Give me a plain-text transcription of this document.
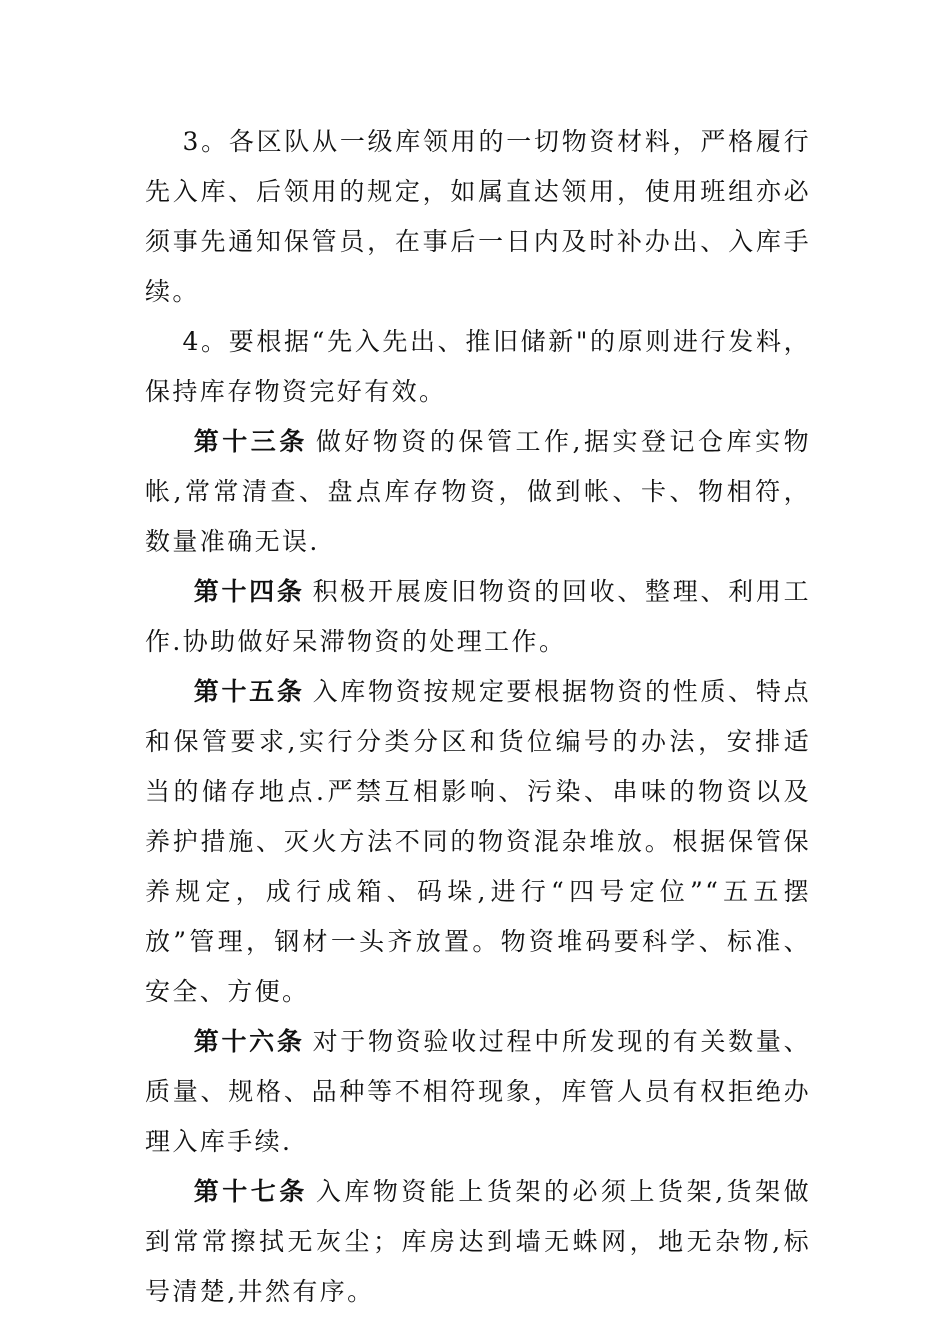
3。各区队从一级库领用的一切物资材料，严格履行先入库、后领用的规定，如属直达领用，使用班组亦必须事先通知保管员，在事后一日内及时补办出、入库手续。

4。要根据“先入先出、推旧储新"的原则进行发料，保持库存物资完好有效。

第十三条 做好物资的保管工作,据实登记仓库实物帐,常常清查、盘点库存物资，做到帐、卡、物相符，数量准确无误.

第十四条 积极开展废旧物资的回收、整理、利用工作.协助做好呆滞物资的处理工作。

第十五条 入库物资按规定要根据物资的性质、特点和保管要求,实行分类分区和货位编号的办法，安排适当的储存地点.严禁互相影响、污染、串味的物资以及养护措施、灭火方法不同的物资混杂堆放。根据保管保养规定，成行成箱、码垛,进行“四号定位”“五五摆放”管理，钢材一头齐放置。物资堆码要科学、标准、安全、方便。

第十六条 对于物资验收过程中所发现的有关数量、质量、规格、品种等不相符现象，库管人员有权拒绝办理入库手续.

第十七条 入库物资能上货架的必须上货架,货架做到常常擦拭无灰尘；库房达到墙无蛛网，地无杂物,标号清楚,井然有序。
